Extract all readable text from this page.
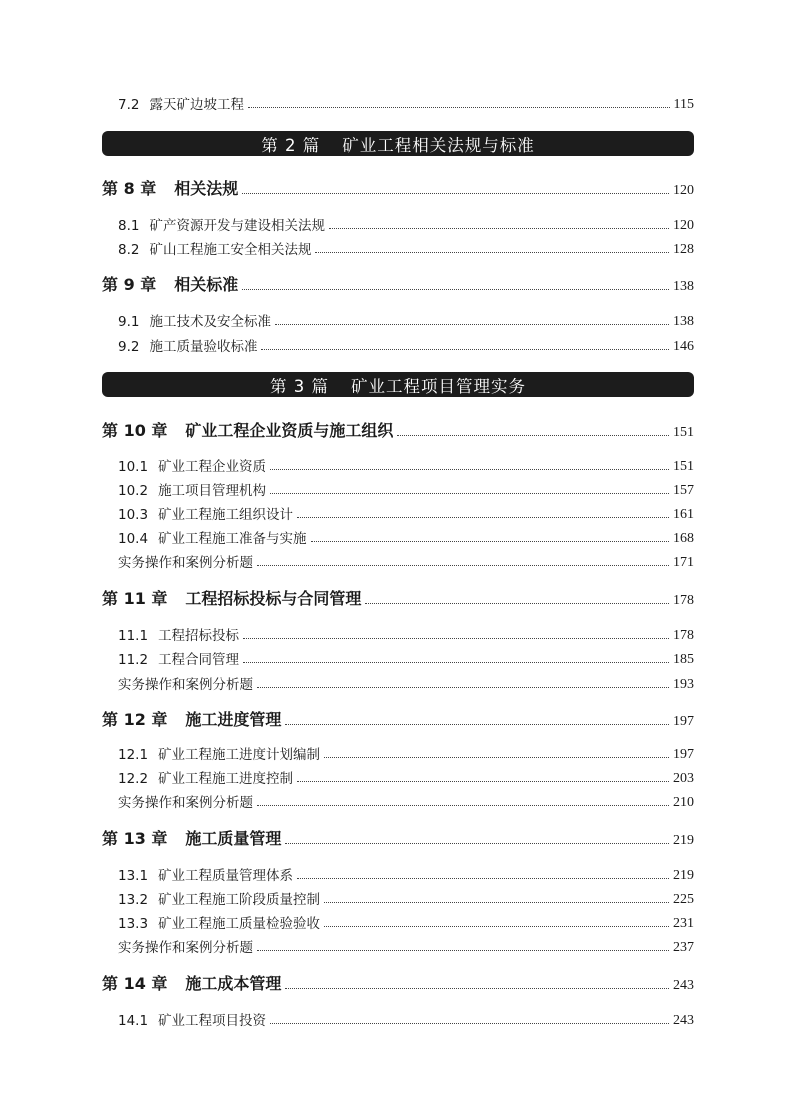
7.2 露天矿边坡工程	115
第 2 篇 矿业工程相关法规与标准
第 8 章 相关法规	120
8.1 矿产资源开发与建设相关法规	120
8.2 矿山工程施工安全相关法规	128
第 9 章 相关标准	138
9.1 施工技术及安全标准	138
9.2 施工质量验收标准	146
第 3 篇 矿业工程项目管理实务
第 10 章 矿业工程企业资质与施工组织	151
10.1 矿业工程企业资质	151
10.2 施工项目管理机构	157
10.3 矿业工程施工组织设计	161
10.4 矿业工程施工准备与实施	168
实务操作和案例分析题	171
第 11 章 工程招标投标与合同管理	178
11.1 工程招标投标	178
11.2 工程合同管理	185
实务操作和案例分析题	193
第 12 章 施工进度管理	197
12.1 矿业工程施工进度计划编制	197
12.2 矿业工程施工进度控制	203
实务操作和案例分析题	210
第 13 章 施工质量管理	219
13.1 矿业工程质量管理体系	219
13.2 矿业工程施工阶段质量控制	225
13.3 矿业工程施工质量检验验收	231
实务操作和案例分析题	237
第 14 章 施工成本管理	243
14.1 矿业工程项目投资	243
